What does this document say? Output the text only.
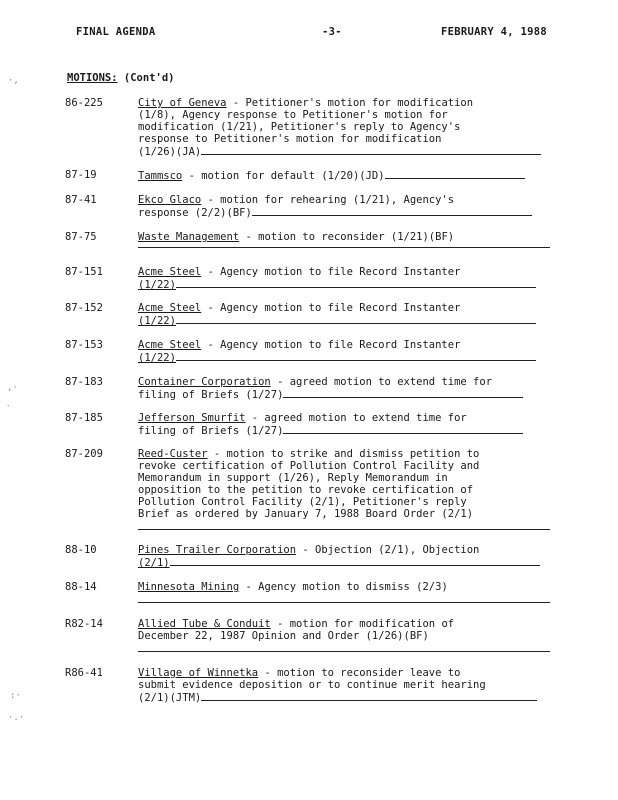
FINAL AGENDA	-3-	FEBRUARY 4, 1988
MOTIONS: (Cont'd)
·‚
‚·
`
:·
·.·
86-225	City of Geneva - Petitioner's motion for modification
(1/8), Agency response to Petitioner's motion for
modification (1/21), Petitioner's reply to Agency's
response to Petitioner's motion for modification
(1/26)(JA)
87-19	Tammsco - motion for default (1/20)(JD)
87-41	Ekco Glaco - motion for rehearing (1/21), Agency's
response (2/2)(BF)
87-75	Waste Management - motion to reconsider (1/21)(BF)
87-151	Acme Steel - Agency motion to file Record Instanter
(1/22)
87-152	Acme Steel - Agency motion to file Record Instanter
(1/22)
87-153	Acme Steel - Agency motion to file Record Instanter
(1/22)
87-183	Container Corporation - agreed motion to extend time for
filing of Briefs (1/27)
87-185	Jefferson Smurfit - agreed motion to extend time for
filing of Briefs (1/27)
87-209	Reed-Custer - motion to strike and dismiss petition to
revoke certification of Pollution Control Facility and
Memorandum in support (1/26), Reply Memorandum in
opposition to the petition to revoke certification of
Pollution Control Facility (2/1), Petitioner's reply
Brief as ordered by January 7, 1988 Board Order (2/1)
88-10	Pines Trailer Corporation - Objection (2/1), Objection
(2/1)
88-14	Minnesota Mining - Agency motion to dismiss (2/3)
R82-14	Allied Tube & Conduit - motion for modification of
December 22, 1987 Opinion and Order (1/26)(BF)
R86-41	Village of Winnetka - motion to reconsider leave to
submit evidence deposition or to continue merit hearing
(2/1)(JTM)
